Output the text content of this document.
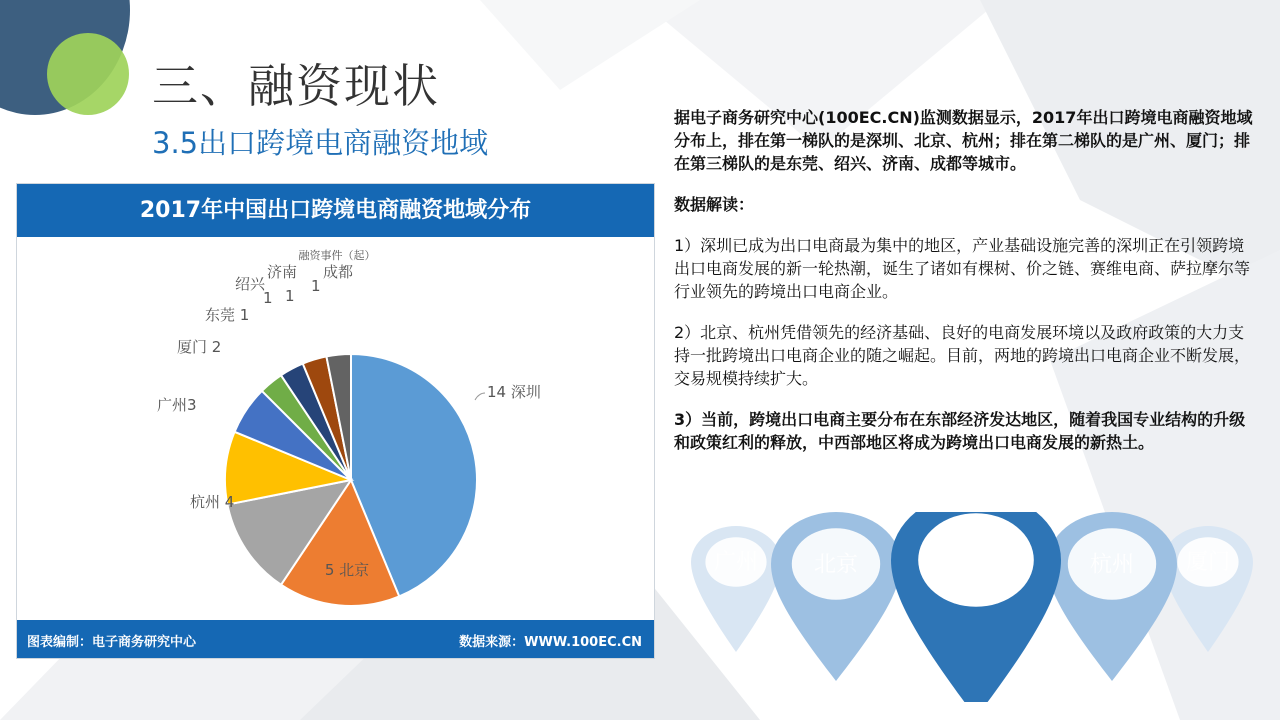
三、融资现状
3.5出口跨境电商融资地域
2017年中国出口跨境电商融资地域分布
融资事件（起）
14 深圳
5 北京
杭州 4
广州3
厦门 2
东莞 1
绍兴
济南 成都
1 1
1
图表编制：电子商务研究中心	数据来源：WWW.100EC.CN

据电子商务研究中心(100EC.CN)监测数据显示，2017年出口跨境电商融资地域分布上，排在第一梯队的是深圳、北京、杭州；排在第二梯队的是广州、厦门；排在第三梯队的是东莞、绍兴、济南、成都等城市。

数据解读：

1）深圳已成为出口电商最为集中的地区，产业基础设施完善的深圳正在引领跨境出口电商发展的新一轮热潮，诞生了诸如有棵树、价之链、赛维电商、萨拉摩尔等行业领先的跨境出口电商企业。

2）北京、杭州凭借领先的经济基础、良好的电商发展环境以及政府政策的大力支持一批跨境出口电商企业的随之崛起。目前，两地的跨境出口电商企业不断发展，交易规模持续扩大。

3）当前，跨境出口电商主要分布在东部经济发达地区，随着我国专业结构的升级和政策红利的释放，中西部地区将成为跨境出口电商发展的新热土。

广州	厦门
北京	杭州
深圳
